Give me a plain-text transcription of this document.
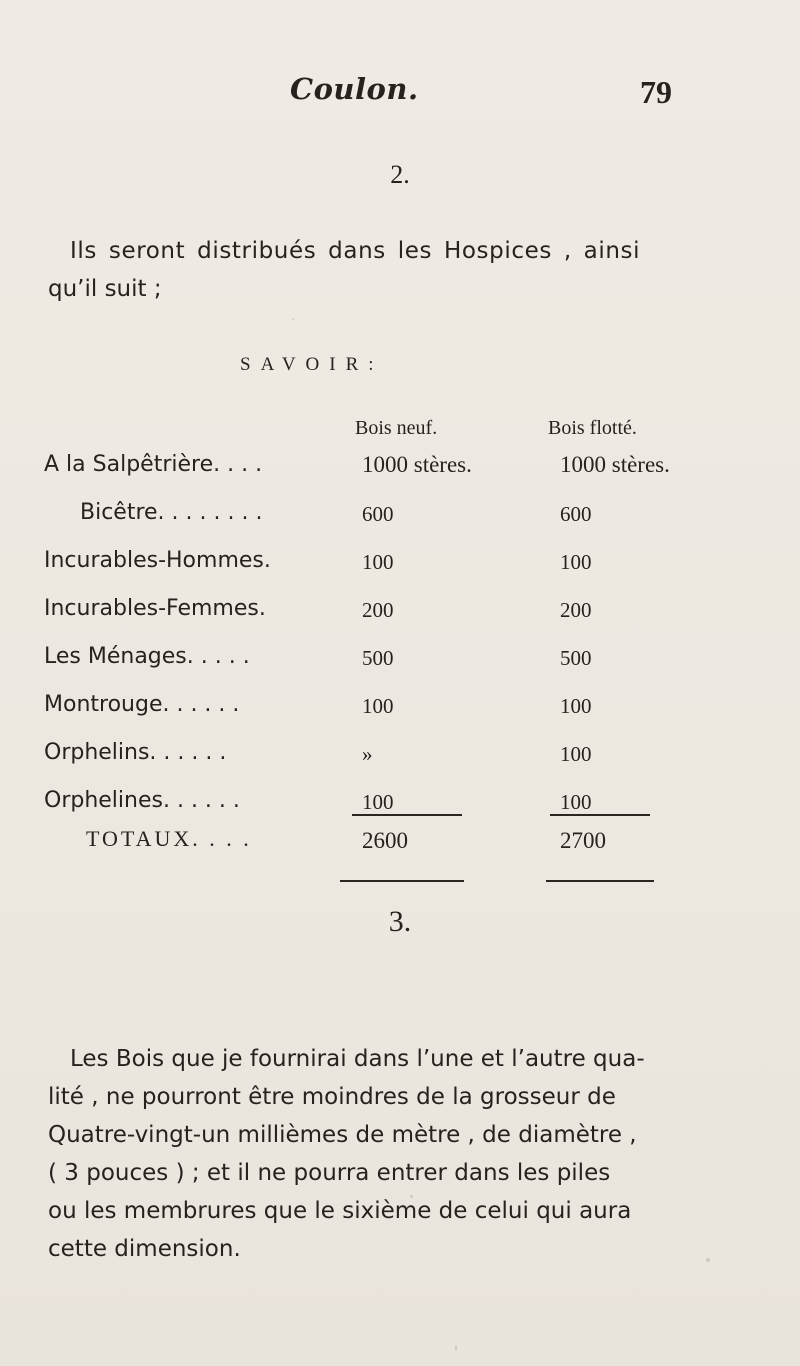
Coulon.	79
2.
Ils seront distribués dans les Hospices , ainsi
qu’il suit ;
SAVOIR:
Bois neuf.	Bois flotté.
A la Salpêtrière. . . .	1000 stères.	1000 stères.
Bicêtre. . . . . . . .	600	600
Incurables-Hommes.	100	100
Incurables-Femmes.	200	200
Les Ménages. . . . .	500	500
Montrouge. . . . . .	100	100
Orphelins. . . . . .	»	100
Orphelines. . . . . .	100	100
TOTAUX. . . .	2600	2700
3.
Les Bois que je fournirai dans l’une et l’autre qua-
lité , ne pourront être moindres de la grosseur de
Quatre-vingt-un millièmes de mètre , de diamètre ,
( 3 pouces ) ; et il ne pourra entrer dans les piles
ou les membrures que le sixième de celui qui aura
cette dimension.
